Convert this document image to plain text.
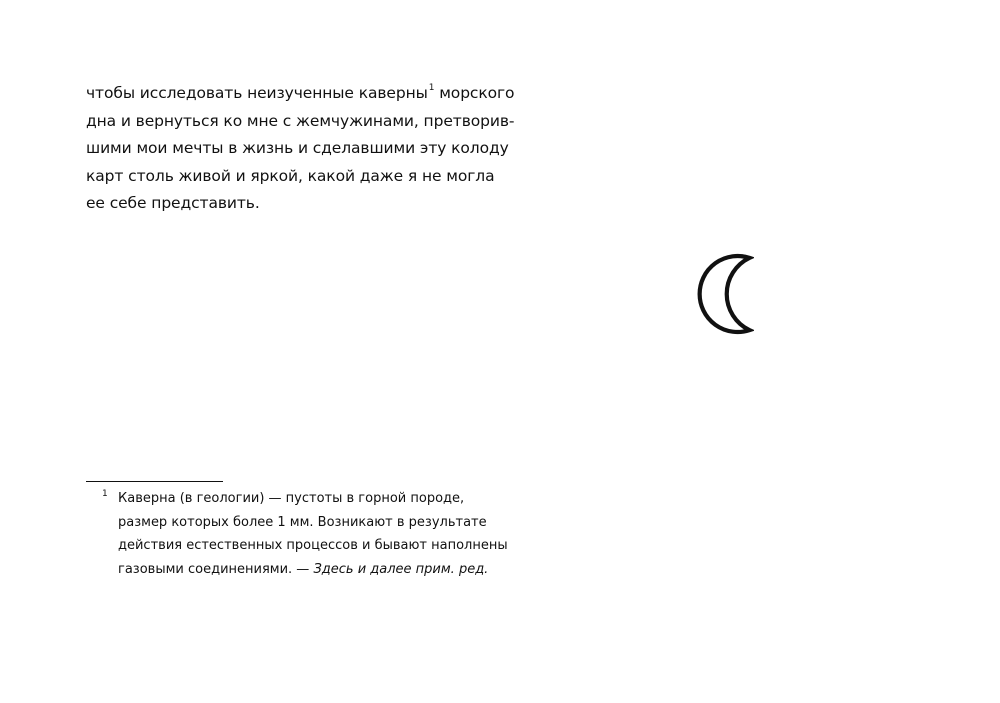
чтобы исследовать неизученные каверны$^1$ морского
дна и вернуться ко мне с жемчужинами, претворив-
шими мои мечты в жизнь и сделавшими эту колоду
карт столь живой и яркой, какой даже я не могла
ее себе представить.
1 Каверна (в геологии) — пустоты в горной породе,
размер которых более 1 мм. Возникают в результате
действия естественных процессов и бывают наполнены
газовыми соединениями. — Здесь и далее прим. ред.
